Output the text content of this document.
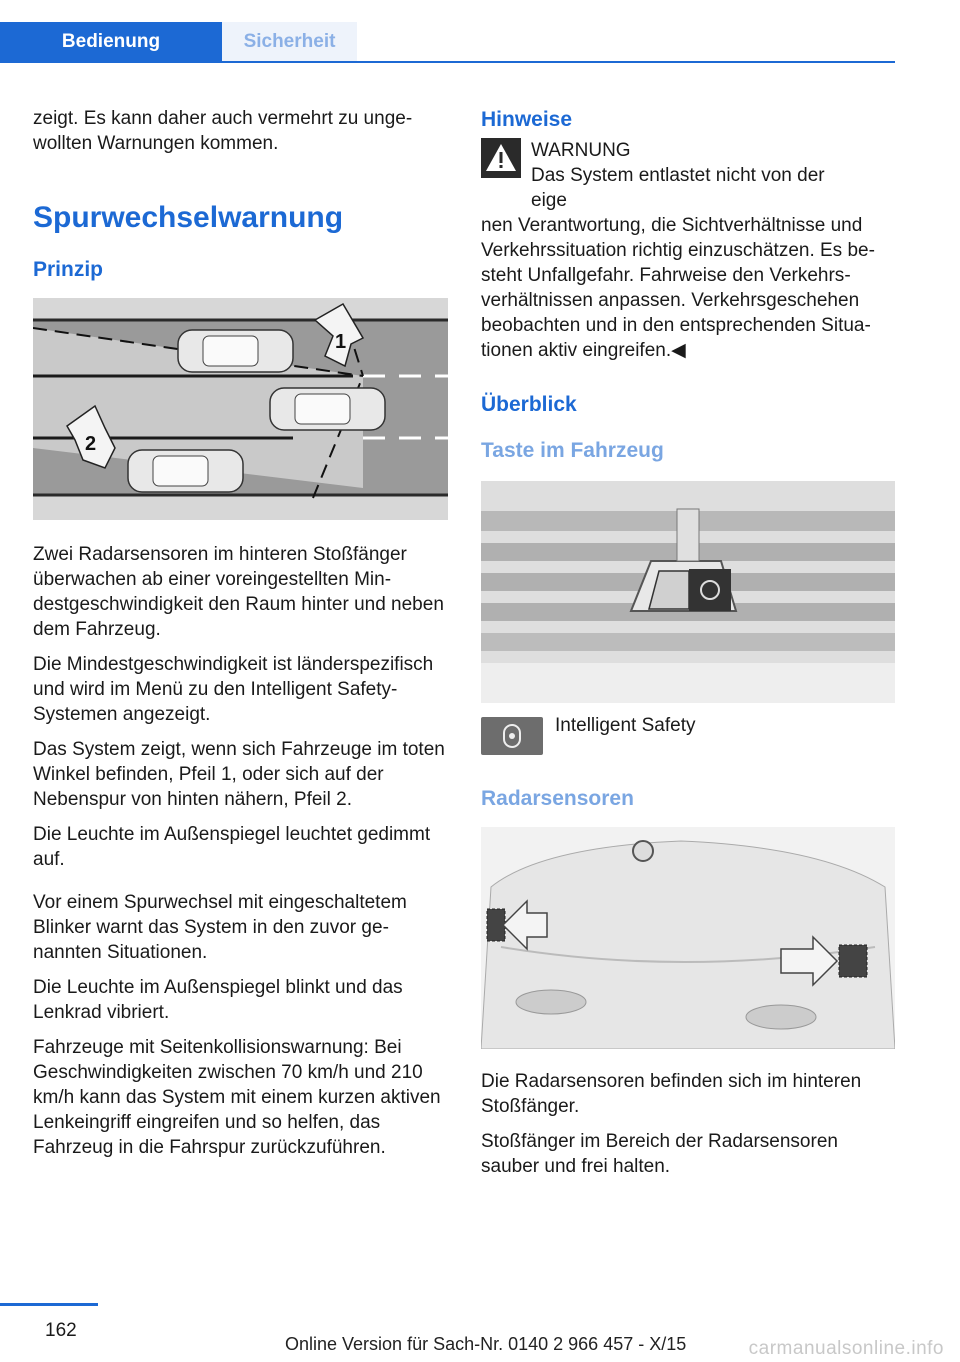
Bedienung	Sicherheit

zeigt. Es kann daher auch vermehrt zu ungewollten Warnungen kommen.

Spurwechselwarnung
Prinzip
1
2

Zwei Radarsensoren im hinteren Stoßfänger überwachen ab einer voreingestellten Mindestgeschwindigkeit den Raum hinter und neben dem Fahrzeug.

Die Mindestgeschwindigkeit ist länderspezifisch und wird im Menü zu den Intelligent Safety-Systemen angezeigt.

Das System zeigt, wenn sich Fahrzeuge im toten Winkel befinden, Pfeil 1, oder sich auf der Nebenspur von hinten nähern, Pfeil 2.

Die Leuchte im Außenspiegel leuchtet gedimmt auf.

Vor einem Spurwechsel mit eingeschaltetem Blinker warnt das System in den zuvor genannten Situationen.

Die Leuchte im Außenspiegel blinkt und das Lenkrad vibriert.

Fahrzeuge mit Seitenkollisionswarnung: Bei Geschwindigkeiten zwischen 70 km/h und 210 km/h kann das System mit einem kurzen aktiven Lenkeingriff eingreifen und so helfen, das Fahrzeug in die Fahrspur zurückzuführen.

Hinweise
WARNUNG
Das System entlastet nicht von der eige

nen Verantwortung, die Sichtverhältnisse und Verkehrssituation richtig einzuschätzen. Es besteht Unfallgefahr. Fahrweise den Verkehrsverhältnissen anpassen. Verkehrsgeschehen beobachten und in den entsprechenden Situationen aktiv eingreifen.◀

Überblick
Taste im Fahrzeug
Intelligent Safety
Radarsensoren

Die Radarsensoren befinden sich im hinteren Stoßfänger.

Stoßfänger im Bereich der Radarsensoren sauber und frei halten.

162
Online Version für Sach-Nr. 0140 2 966 457 - X/15	carmanualsonline.info
